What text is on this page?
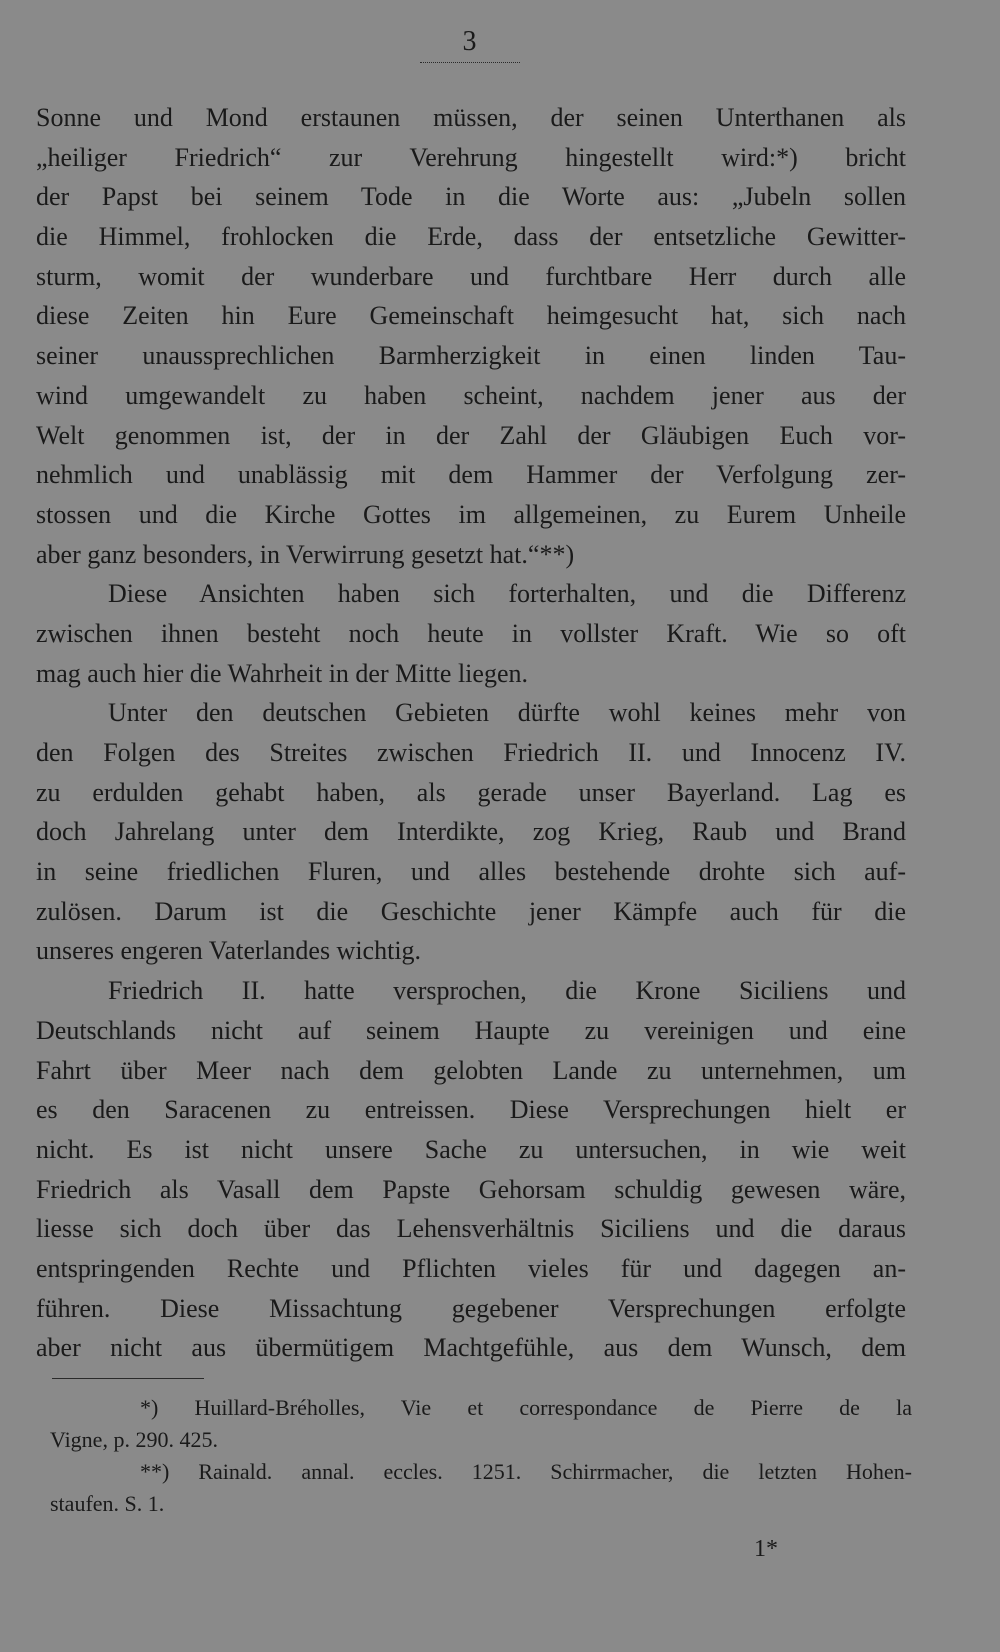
3
Sonne und Mond erstaunen müssen, der seinen Unterthanen als
„heiliger Friedrich“ zur Verehrung hingestellt wird:*) bricht
der Papst bei seinem Tode in die Worte aus: „Jubeln sollen
die Himmel, frohlocken die Erde, dass der entsetzliche Gewitter-
sturm, womit der wunderbare und furchtbare Herr durch alle
diese Zeiten hin Eure Gemeinschaft heimgesucht hat, sich nach
seiner unaussprechlichen Barmherzigkeit in einen linden Tau-
wind umgewandelt zu haben scheint, nachdem jener aus der
Welt genommen ist, der in der Zahl der Gläubigen Euch vor-
nehmlich und unablässig mit dem Hammer der Verfolgung zer-
stossen und die Kirche Gottes im allgemeinen, zu Eurem Unheile
aber ganz besonders, in Verwirrung gesetzt hat.“**)
Diese Ansichten haben sich forterhalten, und die Differenz
zwischen ihnen besteht noch heute in vollster Kraft. Wie so oft
mag auch hier die Wahrheit in der Mitte liegen.
Unter den deutschen Gebieten dürfte wohl keines mehr von
den Folgen des Streites zwischen Friedrich II. und Innocenz IV.
zu erdulden gehabt haben, als gerade unser Bayerland. Lag es
doch Jahrelang unter dem Interdikte, zog Krieg, Raub und Brand
in seine friedlichen Fluren, und alles bestehende drohte sich auf-
zulösen. Darum ist die Geschichte jener Kämpfe auch für die
unseres engeren Vaterlandes wichtig.
Friedrich II. hatte versprochen, die Krone Siciliens und
Deutschlands nicht auf seinem Haupte zu vereinigen und eine
Fahrt über Meer nach dem gelobten Lande zu unternehmen, um
es den Saracenen zu entreissen. Diese Versprechungen hielt er
nicht. Es ist nicht unsere Sache zu untersuchen, in wie weit
Friedrich als Vasall dem Papste Gehorsam schuldig gewesen wäre,
liesse sich doch über das Lehensverhältnis Siciliens und die daraus
entspringenden Rechte und Pflichten vieles für und dagegen an-
führen. Diese Missachtung gegebener Versprechungen erfolgte
aber nicht aus übermütigem Machtgefühle, aus dem Wunsch, dem
*) Huillard-Bréholles, Vie et correspondance de Pierre de la
Vigne, p. 290. 425.
**) Rainald. annal. eccles. 1251. Schirrmacher, die letzten Hohen-
staufen. S. 1.
1*
